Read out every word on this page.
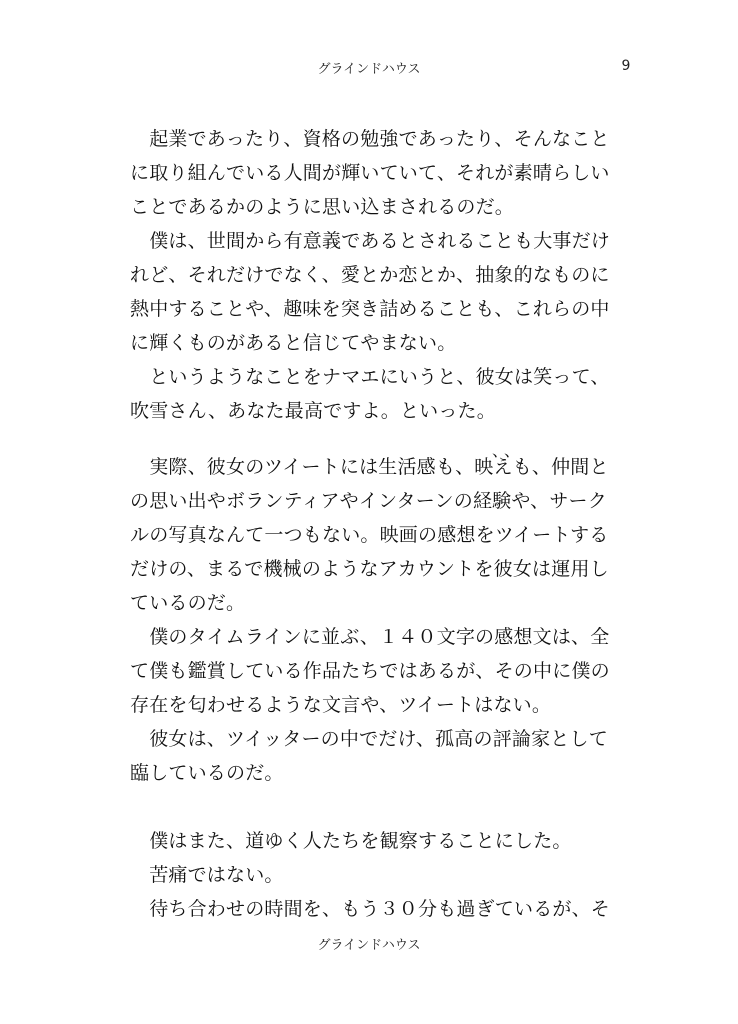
グラインドハウス	9
　起業であったり、資格の勉強であったり、そんなこと
に取り組んでいる人間が輝いていて、それが素晴らしい
ことであるかのように思い込まされるのだ。
　僕は、世間から有意義であるとされることも大事だけ
れど、それだけでなく、愛とか恋とか、抽象的なものに
熱中することや、趣味を突き詰めることも、これらの中
に輝くものがあると信じてやまない。
　というようなことをナマエにいうと、彼女は笑って、
吹雪さん、あなた最高ですよ。といった。
、、
　実際、彼女のツイートには生活感も、映えも、仲間と
の思い出やボランティアやインターンの経験や、サーク
ルの写真なんて一つもない。映画の感想をツイートする
だけの、まるで機械のようなアカウントを彼女は運用し
ているのだ。
　僕のタイムラインに並ぶ、１４０文字の感想文は、全
て僕も鑑賞している作品たちではあるが、その中に僕の
存在を匂わせるような文言や、ツイートはない。
　彼女は、ツイッターの中でだけ、孤高の評論家として
臨しているのだ。
　僕はまた、道ゆく人たちを観察することにした。
　苦痛ではない。
　待ち合わせの時間を、もう３０分も過ぎているが、そ
グラインドハウス
